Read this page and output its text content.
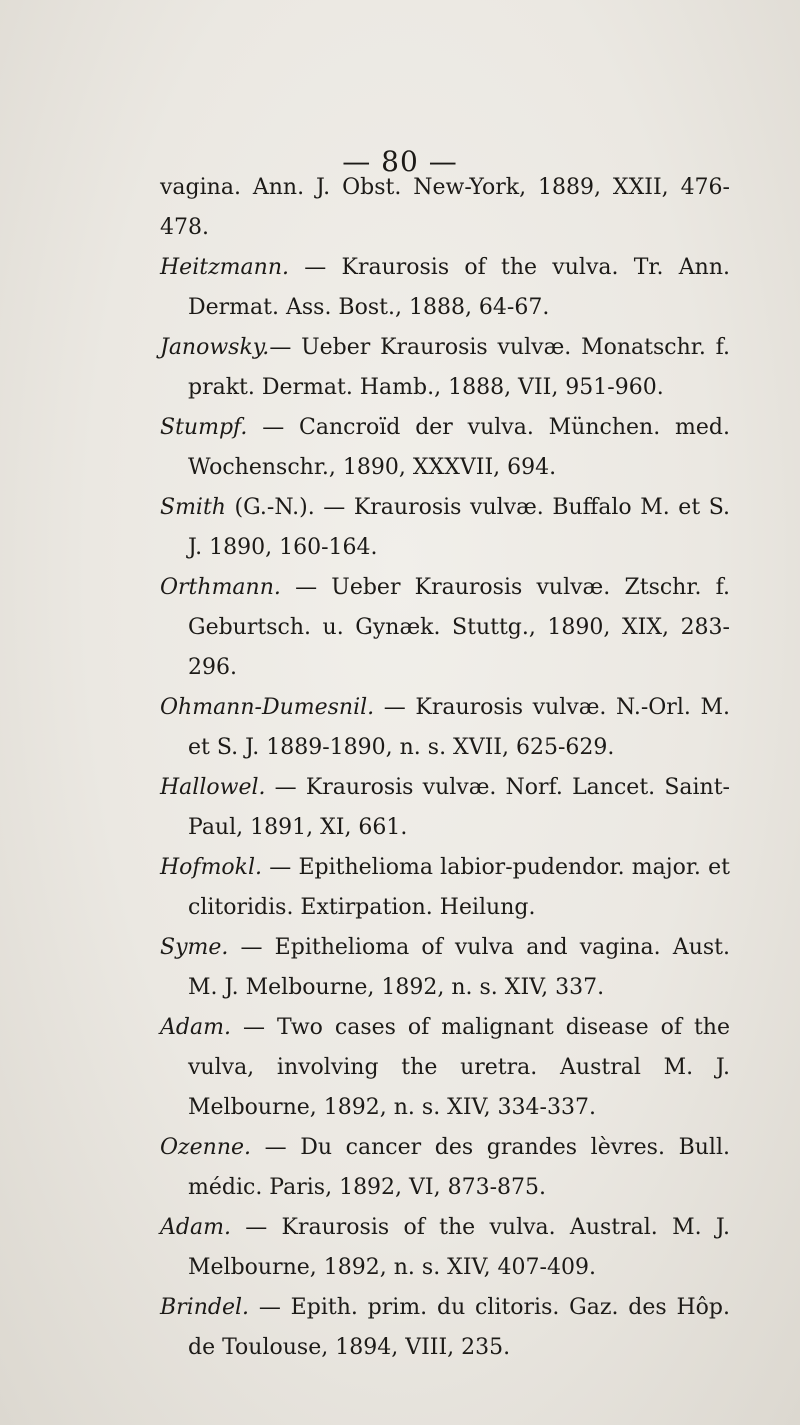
— 80 —

vagina. Ann. J. Obst. New-York, 1889, XXII, 476-478.

Heitzmann. — Kraurosis of the vulva. Tr. Ann. Dermat. Ass. Bost., 1888, 64-67.

Janowsky.— Ueber Kraurosis vulvæ. Monatschr. f. prakt. Dermat. Hamb., 1888, VII, 951-960.

Stumpf. — Cancroïd der vulva. München. med. Wochenschr., 1890, XXXVII, 694.

Smith (G.-N.). — Kraurosis vulvæ. Buffalo M. et S. J. 1890, 160-164.

Orthmann. — Ueber Kraurosis vulvæ. Ztschr. f. Geburtsch. u. Gynæk. Stuttg., 1890, XIX, 283-296.

Ohmann-Dumesnil. — Kraurosis vulvæ. N.-Orl. M. et S. J. 1889-1890, n. s. XVII, 625-629.

Hallowel. — Kraurosis vulvæ. Norf. Lancet. Saint-Paul, 1891, XI, 661.

Hofmokl. — Epithelioma labior-pudendor. major. et clitoridis. Extirpation. Heilung.

Syme. — Epithelioma of vulva and vagina. Aust. M. J. Melbourne, 1892, n. s. XIV, 337.

Adam. — Two cases of malignant disease of the vulva, involving the uretra. Austral M. J. Melbourne, 1892, n. s. XIV, 334-337.

Ozenne. — Du cancer des grandes lèvres. Bull. médic. Paris, 1892, VI, 873-875.

Adam. — Kraurosis of the vulva. Austral. M. J. Melbourne, 1892, n. s. XIV, 407-409.

Brindel. — Epith. prim. du clitoris. Gaz. des Hôp. de Toulouse, 1894, VIII, 235.
